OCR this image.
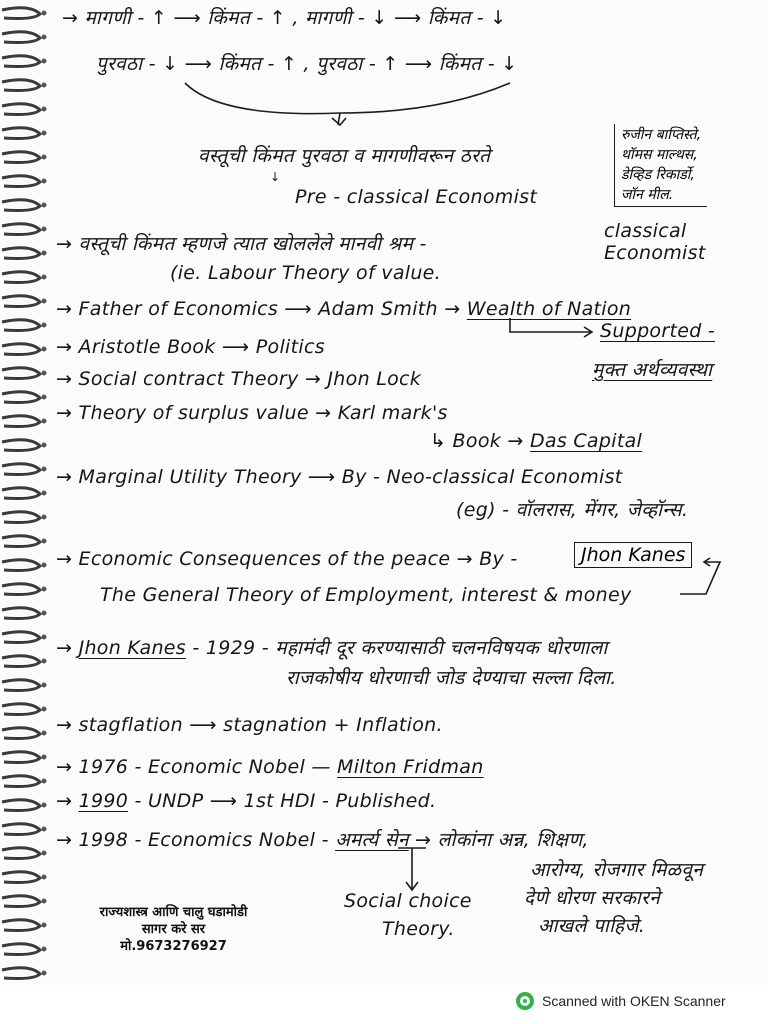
→ मागणी - ↑ ⟶ किंमत - ↑ , मागणी - ↓ ⟶ किंमत - ↓
पुरवठा - ↓ ⟶ किंमत - ↑ , पुरवठा - ↑ ⟶ किंमत - ↓
वस्तूची किंमत पुरवठा व मागणीवरून ठरते
↓
Pre - classical Economist
रुजीन बाप्तिस्ते,
थॉमस माल्थस,
डेव्हिड रिकार्डो,
जॉन मील.
→ वस्तूची किंमत म्हणजे त्यात खोललेले मानवी श्रम -
classical
Economist
(ie. Labour Theory of value.
→ Father of Economics ⟶ Adam Smith → Wealth of Nation
Supported -
मुक्त अर्थव्यवस्था
→ Aristotle Book ⟶ Politics
→ Social contract Theory → Jhon Lock
→ Theory of surplus value → Karl mark's
↳ Book → Das Capital
→ Marginal Utility Theory ⟶ By - Neo-classical Economist
(eg) - वॉलरास, मेंगर, जेव्हॉन्स.
→ Economic Consequences of the peace → By -	Jhon Kanes
The General Theory of Employment, interest & money
→ Jhon Kanes - 1929 - महामंदी दूर करण्यासाठी चलनविषयक धोरणाला
राजकोषीय धोरणाची जोड देण्याचा सल्ला दिला.
→ stagflation ⟶ stagnation + Inflation.
→ 1976 - Economic Nobel — Milton Fridman
→ 1990 - UNDP ⟶ 1st HDI - Published.
→ 1998 - Economics Nobel - अमर्त्य सेन → लोकांना अन्न, शिक्षण,
आरोग्य, रोजगार मिळवून
देणे धोरण सरकारने
आखले पाहिजे.
Social choice
Theory.
राज्यशास्त्र आणि चालु घडामोडी
सागर करे सर
मो.9673276927
Scanned with OKEN Scanner
